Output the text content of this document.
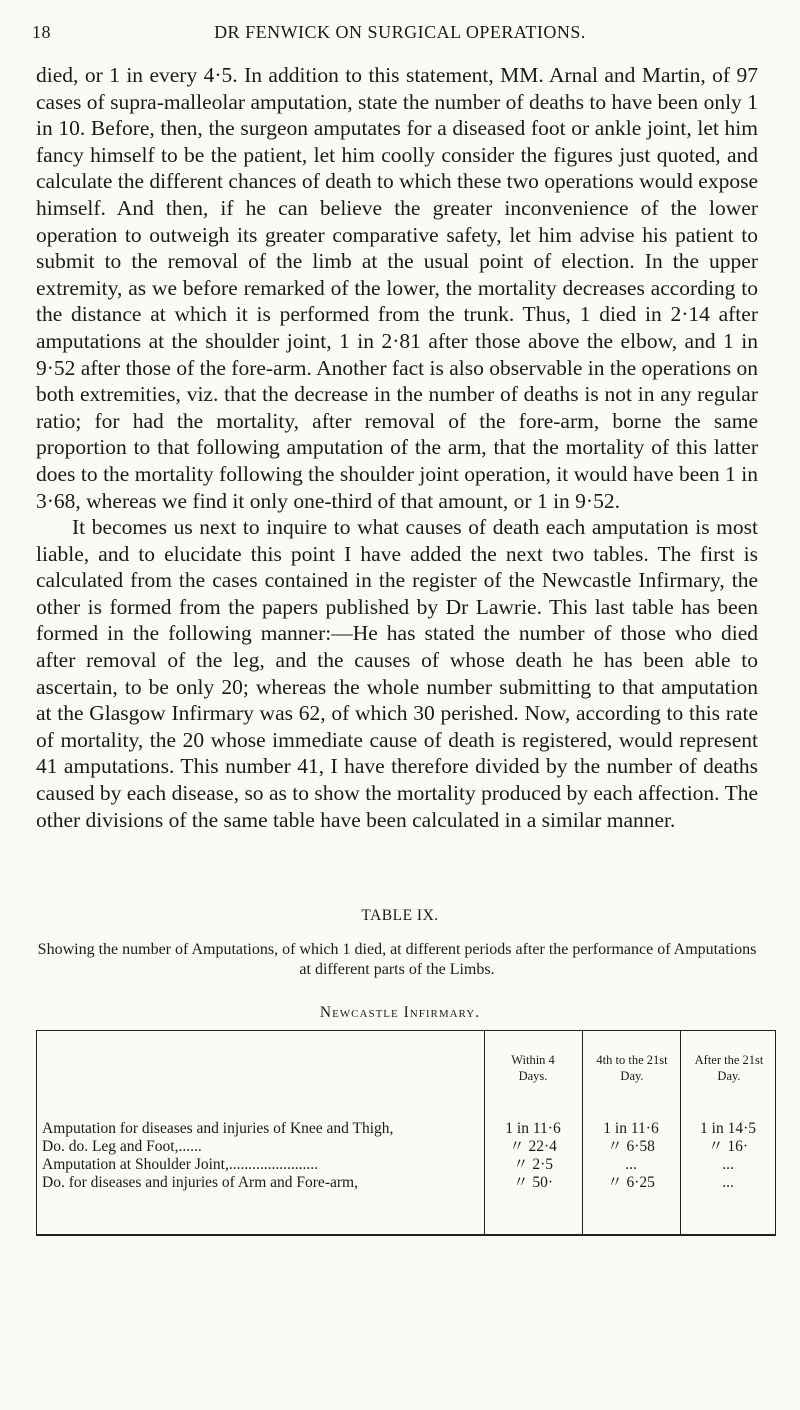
18	DR FENWICK ON SURGICAL OPERATIONS.

died, or 1 in every 4·5. In addition to this statement, MM. Arnal and Martin, of 97 cases of supra-malleolar amputation, state the number of deaths to have been only 1 in 10. Before, then, the surgeon amputates for a diseased foot or ankle joint, let him fancy himself to be the patient, let him coolly consider the figures just quoted, and calculate the different chances of death to which these two operations would expose himself. And then, if he can believe the greater inconvenience of the lower operation to outweigh its greater comparative safety, let him advise his patient to submit to the removal of the limb at the usual point of election. In the upper extremity, as we before remarked of the lower, the mortality decreases according to the distance at which it is performed from the trunk. Thus, 1 died in 2·14 after amputations at the shoulder joint, 1 in 2·81 after those above the elbow, and 1 in 9·52 after those of the fore-arm. Another fact is also observable in the operations on both extremities, viz. that the decrease in the number of deaths is not in any regular ratio; for had the mortality, after removal of the fore-arm, borne the same proportion to that following amputation of the arm, that the mortality of this latter does to the mortality following the shoulder joint operation, it would have been 1 in 3·68, whereas we find it only one-third of that amount, or 1 in 9·52.

It becomes us next to inquire to what causes of death each amputation is most liable, and to elucidate this point I have added the next two tables. The first is calculated from the cases contained in the register of the Newcastle Infirmary, the other is formed from the papers published by Dr Lawrie. This last table has been formed in the following manner:—He has stated the number of those who died after removal of the leg, and the causes of whose death he has been able to ascertain, to be only 20; whereas the whole number submitting to that amputation at the Glasgow Infirmary was 62, of which 30 perished. Now, according to this rate of mortality, the 20 whose immediate cause of death is registered, would represent 41 amputations. This number 41, I have therefore divided by the number of deaths caused by each disease, so as to show the mortality produced by each affection. The other divisions of the same table have been calculated in a similar manner.

TABLE IX.
Showing the number of Amputations, of which 1 died, at different periods after the performance of Amputations at different parts of the Limbs.
Newcastle Infirmary.
Within 4 Days.
4th to the 21st Day.
After the 21st Day.
Amputation for diseases and injuries of Knee and Thigh,
Do. do. Leg and Foot,......
Amputation at Shoulder Joint,.......................
Do. for diseases and injuries of Arm and Fore-arm,
1 in 11·6
〃 22·4
〃 2·5
〃 50·
1 in 11·6
〃 6·58
...
〃 6·25
1 in 14·5
〃 16·
...
...
